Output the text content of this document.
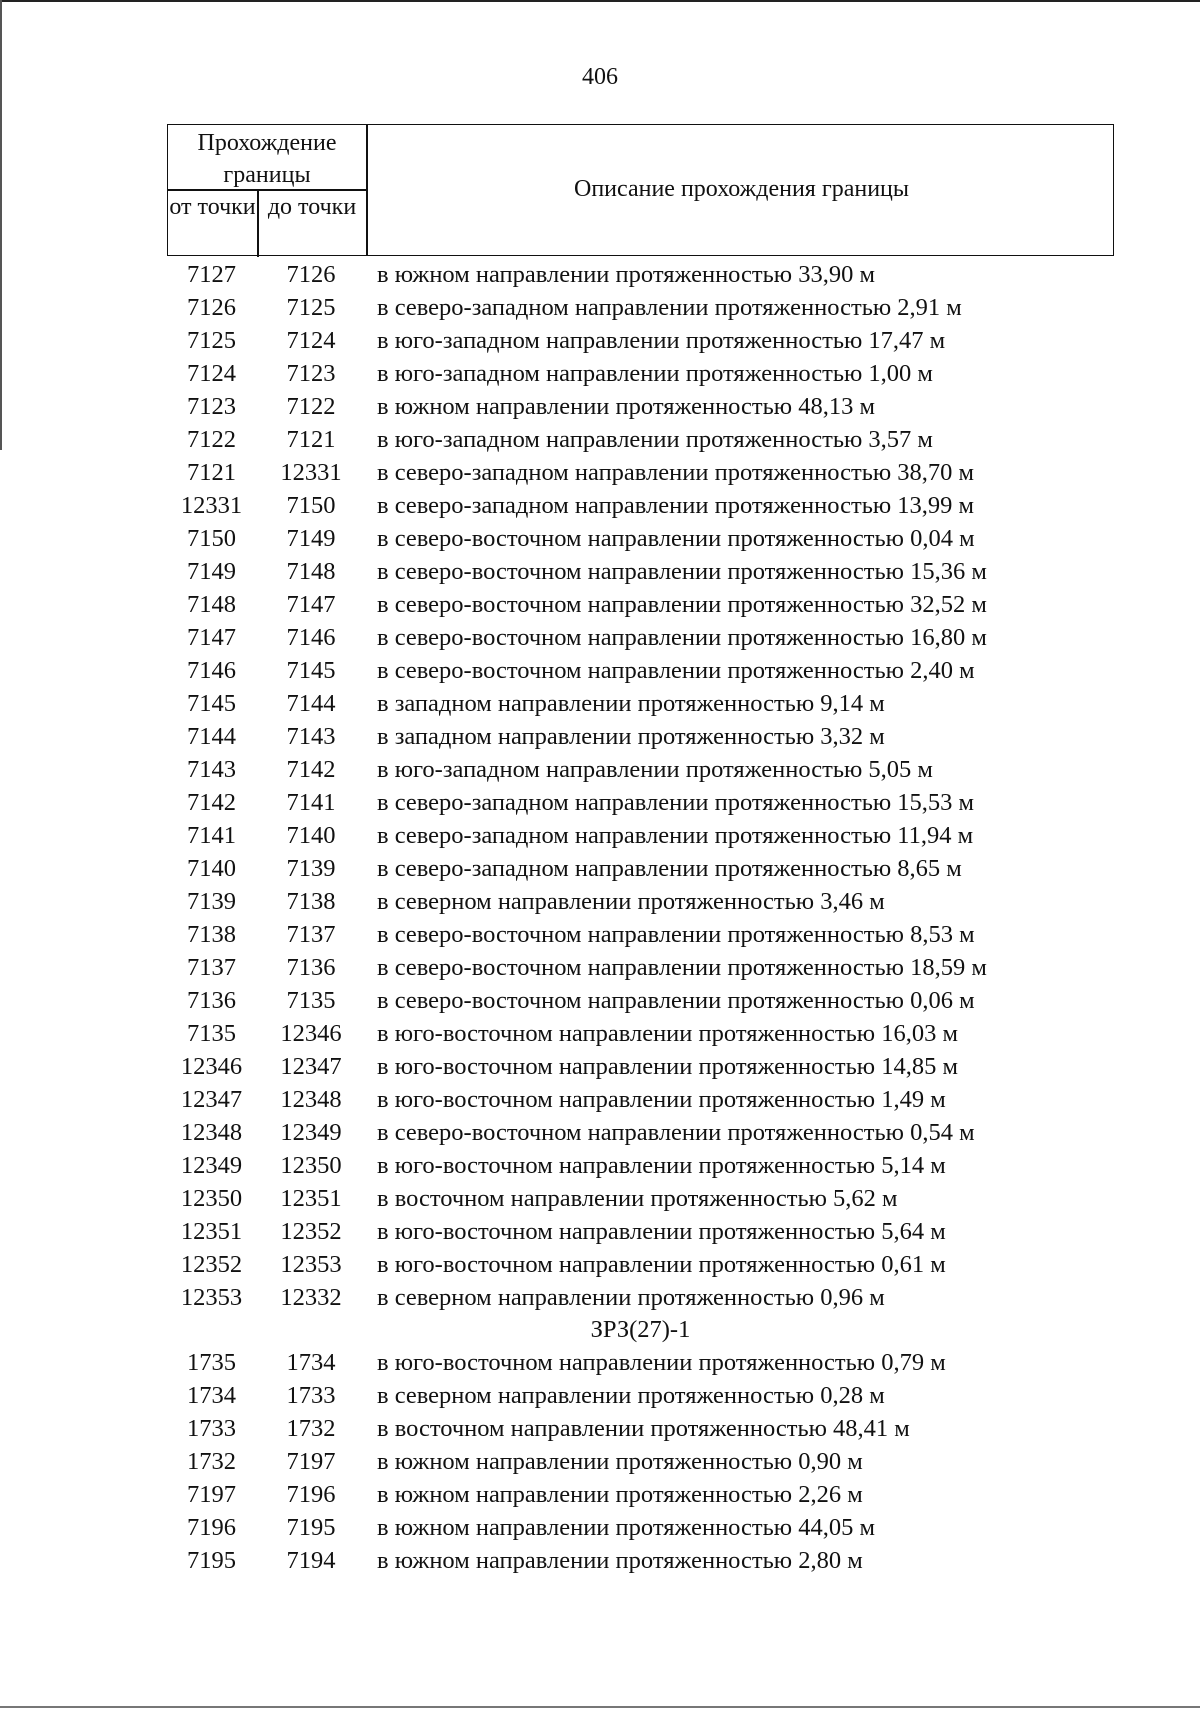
406
Прохождение границы
от точки до точки
Описание прохождения границы
7127	7126	в южном направлении протяженностью 33,90 м
7126	7125	в северо-западном направлении протяженностью 2,91 м
7125	7124	в юго-западном направлении протяженностью 17,47 м
7124	7123	в юго-западном направлении протяженностью 1,00 м
7123	7122	в южном направлении протяженностью 48,13 м
7122	7121	в юго-западном направлении протяженностью 3,57 м
7121	12331	в северо-западном направлении протяженностью 38,70 м
12331	7150	в северо-западном направлении протяженностью 13,99 м
7150	7149	в северо-восточном направлении протяженностью 0,04 м
7149	7148	в северо-восточном направлении протяженностью 15,36 м
7148	7147	в северо-восточном направлении протяженностью 32,52 м
7147	7146	в северо-восточном направлении протяженностью 16,80 м
7146	7145	в северо-восточном направлении протяженностью 2,40 м
7145	7144	в западном направлении протяженностью 9,14 м
7144	7143	в западном направлении протяженностью 3,32 м
7143	7142	в юго-западном направлении протяженностью 5,05 м
7142	7141	в северо-западном направлении протяженностью 15,53 м
7141	7140	в северо-западном направлении протяженностью 11,94 м
7140	7139	в северо-западном направлении протяженностью 8,65 м
7139	7138	в северном направлении протяженностью 3,46 м
7138	7137	в северо-восточном направлении протяженностью 8,53 м
7137	7136	в северо-восточном направлении протяженностью 18,59 м
7136	7135	в северо-восточном направлении протяженностью 0,06 м
7135	12346	в юго-восточном направлении протяженностью 16,03 м
12346	12347	в юго-восточном направлении протяженностью 14,85 м
12347	12348	в юго-восточном направлении протяженностью 1,49 м
12348	12349	в северо-восточном направлении протяженностью 0,54 м
12349	12350	в юго-восточном направлении протяженностью 5,14 м
12350	12351	в восточном направлении протяженностью 5,62 м
12351	12352	в юго-восточном направлении протяженностью 5,64 м
12352	12353	в юго-восточном направлении протяженностью 0,61 м
12353	12332	в северном направлении протяженностью 0,96 м
ЗРЗ(27)-1
1735	1734	в юго-восточном направлении протяженностью 0,79 м
1734	1733	в северном направлении протяженностью 0,28 м
1733	1732	в восточном направлении протяженностью 48,41 м
1732	7197	в южном направлении протяженностью 0,90 м
7197	7196	в южном направлении протяженностью 2,26 м
7196	7195	в южном направлении протяженностью 44,05 м
7195	7194	в южном направлении протяженностью 2,80 м
